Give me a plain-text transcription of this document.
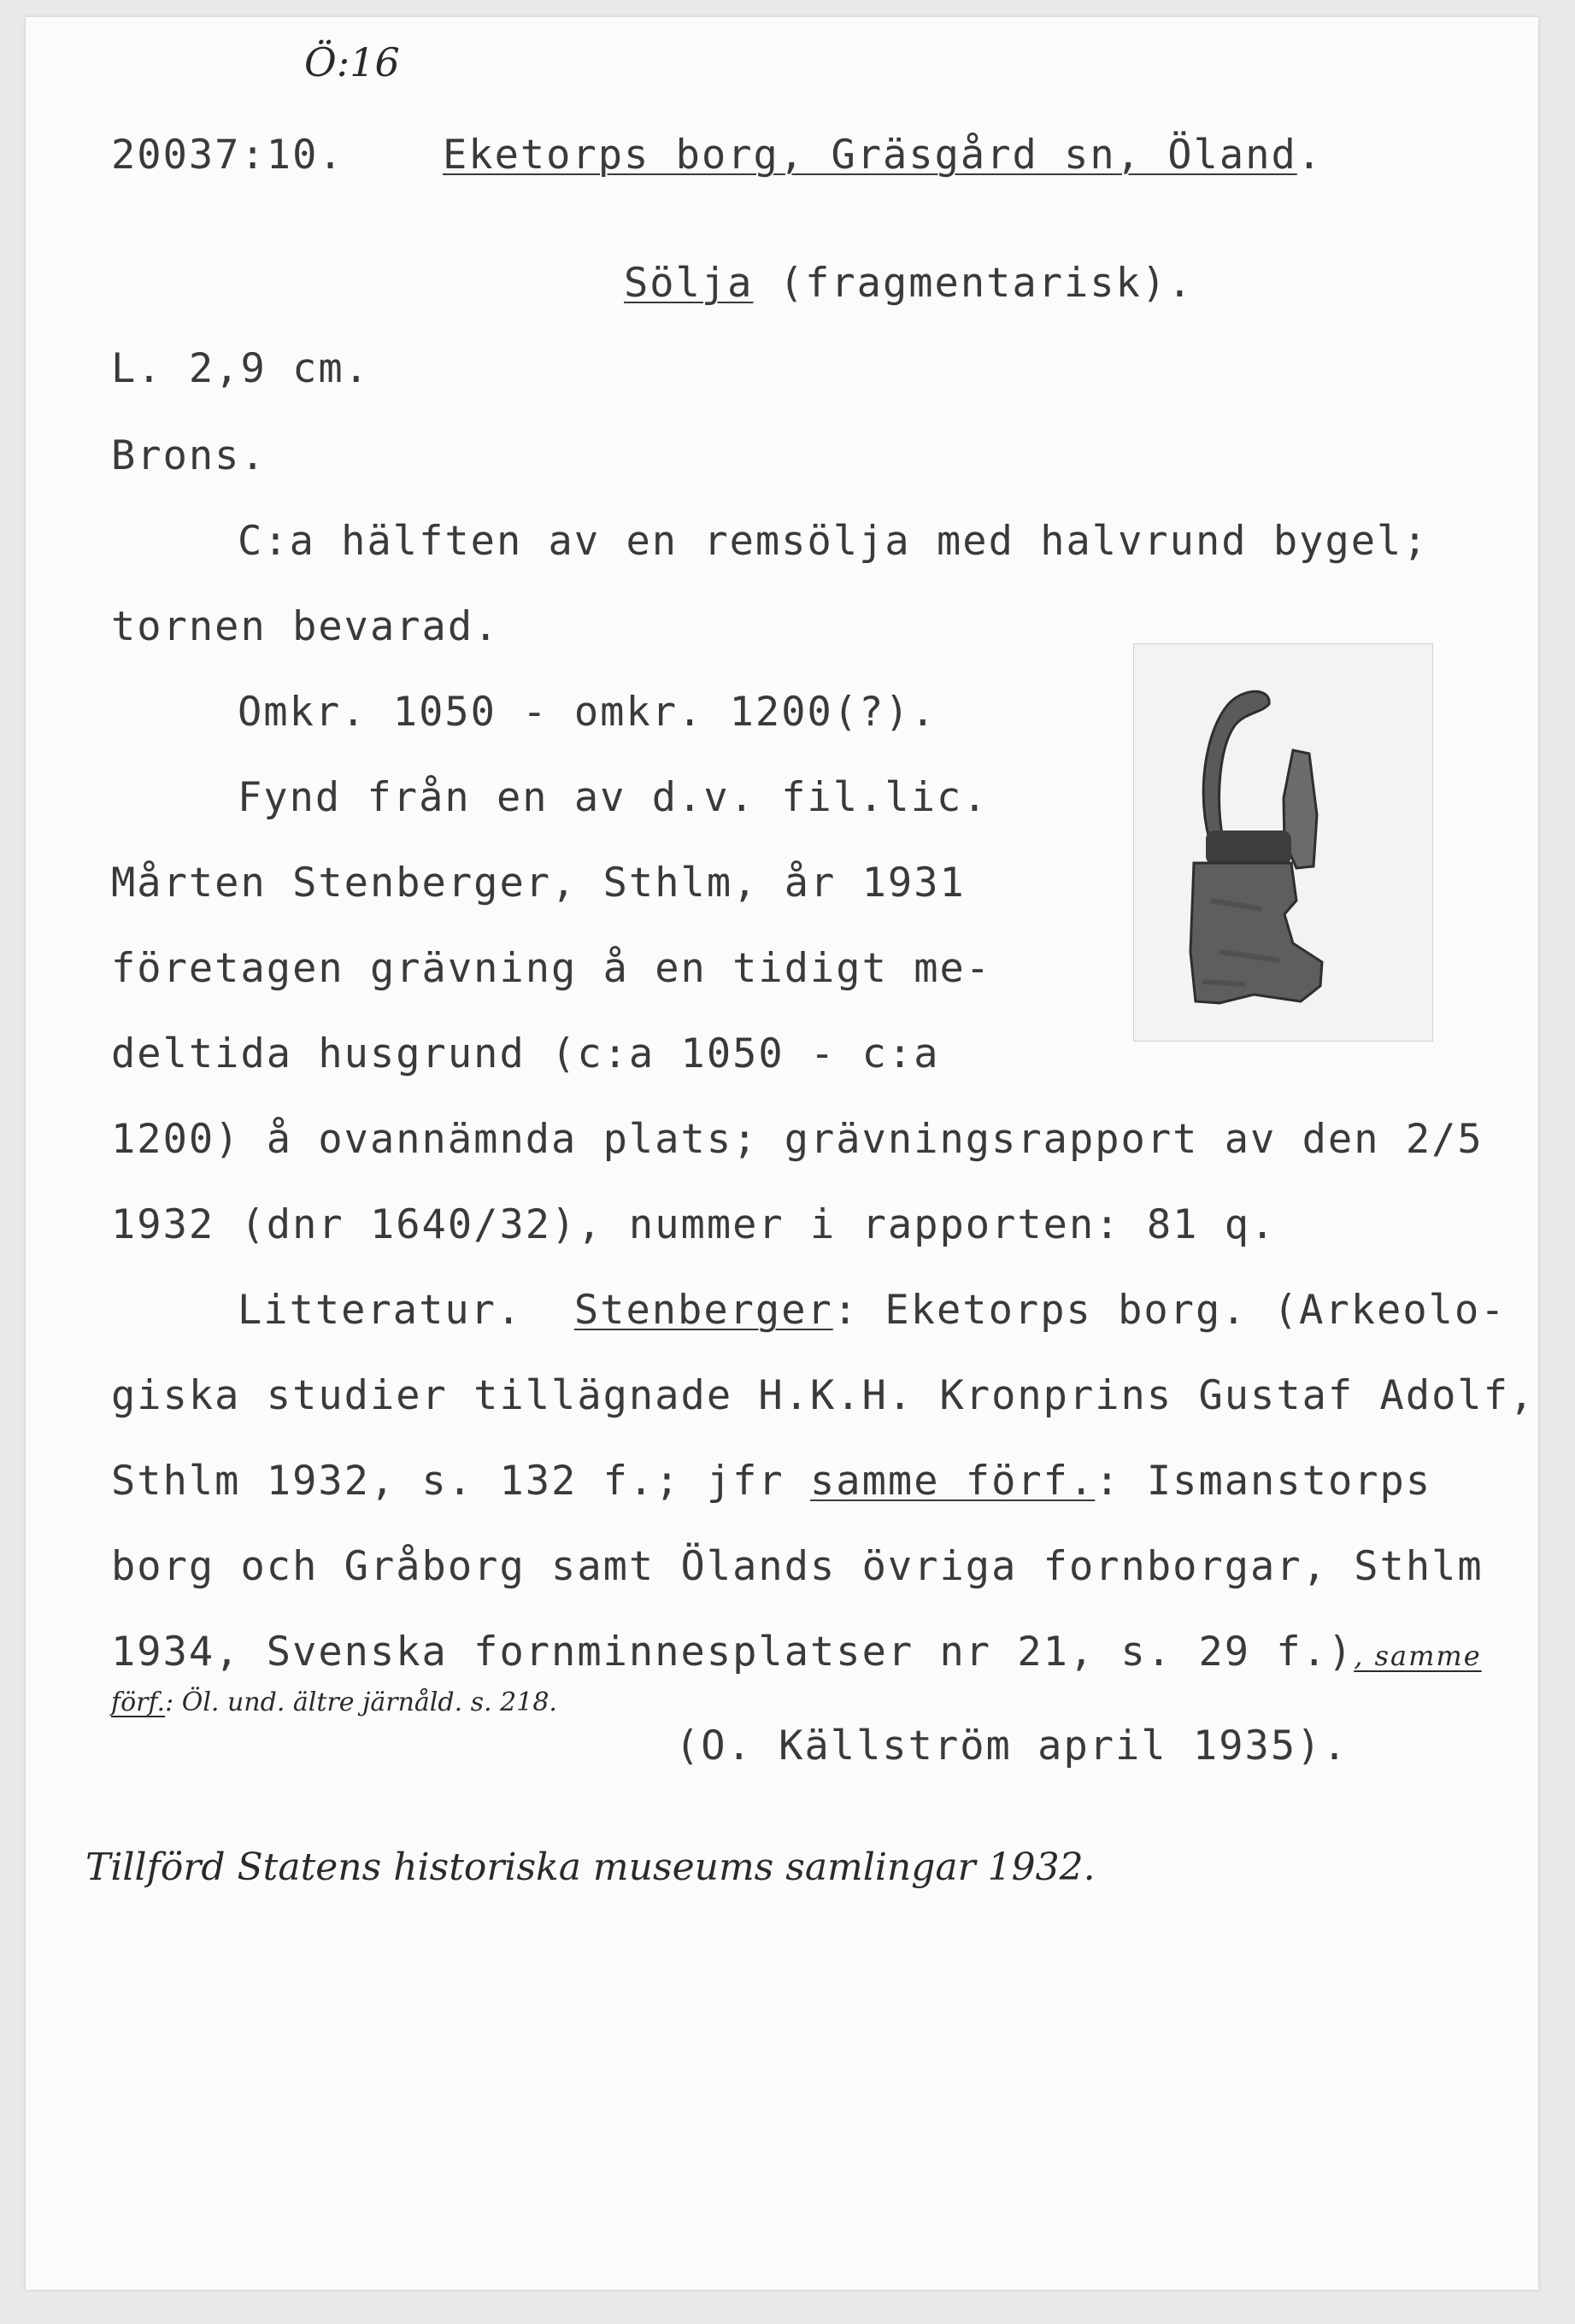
Ö:16
20037:10. Eketorps borg, Gräsgård sn, Öland.
Sölja (fragmentarisk).
L. 2,9 cm.
Brons.
C:a hälften av en remsölja med halvrund bygel;
tornen bevarad.
Omkr. 1050 - omkr. 1200(?).
Fynd från en av d.v. fil.lic.
Mårten Stenberger, Sthlm, år 1931
företagen grävning å en tidigt me-
deltida husgrund (c:a 1050 - c:a
1200) å ovannämnda plats; grävningsrapport av den 2/5
1932 (dnr 1640/32), nummer i rapporten: 81 q.
Litteratur.  Stenberger: Eketorps borg. (Arkeolo-
giska studier tillägnade H.K.H. Kronprins Gustaf Adolf,
Sthlm 1932, s. 132 f.; jfr samme förf.: Ismanstorps
borg och Gråborg samt Ölands övriga fornborgar, Sthlm
1934, Svenska fornminnesplatser nr 21, s. 29 f.), samme
förf.: Öl. und. ältre järnåld. s. 218.
(O. Källström april 1935).
Tillförd Statens historiska museums samlingar 1932.
